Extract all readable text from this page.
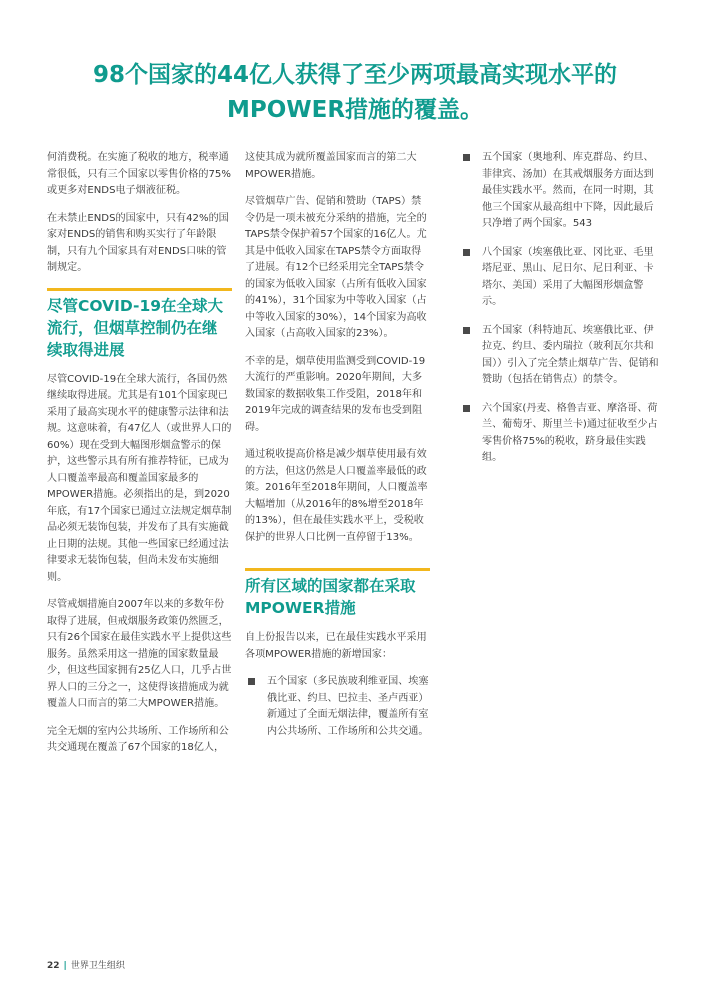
98个国家的44亿人获得了至少两项最高实现水平的
MPOWER措施的覆盖。

何消费税。在实施了税收的地方，税率通常很低，只有三个国家以零售价格的75%或更多对ENDS电子烟液征税。

在未禁止ENDS的国家中，只有42%的国家对ENDS的销售和购买实行了年龄限制，只有九个国家具有对ENDS口味的管制规定。

尽管COVID-19在全球大流行，但烟草控制仍在继续取得进展

尽管COVID-19在全球大流行，各国仍然继续取得进展。尤其是有101个国家现已采用了最高实现水平的健康警示法律和法规。这意味着，有47亿人（或世界人口的60%）现在受到大幅图形烟盒警示的保护，这些警示具有所有推荐特征，已成为人口覆盖率最高和覆盖国家最多的MPOWER措施。必须指出的是，到2020年底，有17个国家已通过立法规定烟草制品必须无装饰包装，并发布了具有实施截止日期的法规。其他一些国家已经通过法律要求无装饰包装，但尚未发布实施细则。

尽管戒烟措施自2007年以来的多数年份取得了进展，但戒烟服务政策仍然匮乏，只有26个国家在最佳实践水平上提供这些服务。虽然采用这一措施的国家数量最少，但这些国家拥有25亿人口，几乎占世界人口的三分之一，这使得该措施成为就覆盖人口而言的第二大MPOWER措施。

完全无烟的室内公共场所、工作场所和公共交通现在覆盖了67个国家的18亿人，

这使其成为就所覆盖国家而言的第二大MPOWER措施。

尽管烟草广告、促销和赞助（TAPS）禁令仍是一项未被充分采纳的措施，完全的TAPS禁令保护着57个国家的16亿人。尤其是中低收入国家在TAPS禁令方面取得了进展。有12个已经采用完全TAPS禁令的国家为低收入国家（占所有低收入国家的41%），31个国家为中等收入国家（占中等收入国家的30%），14个国家为高收入国家（占高收入国家的23%）。

不幸的是，烟草使用监测受到COVID-19大流行的严重影响。2020年期间，大多数国家的数据收集工作受阻，2018年和2019年完成的调查结果的发布也受到阻碍。

通过税收提高价格是减少烟草使用最有效的方法，但这仍然是人口覆盖率最低的政策。2016年至2018年期间，人口覆盖率大幅增加（从2016年的8%增至2018年的13%），但在最佳实践水平上，受税收保护的世界人口比例一直停留于13%。

所有区域的国家都在采取MPOWER措施

自上份报告以来，已在最佳实践水平采用各项MPOWER措施的新增国家：

五个国家（多民族玻利维亚国、埃塞俄比亚、约旦、巴拉圭、圣卢西亚）新通过了全面无烟法律，覆盖所有室内公共场所、工作场所和公共交通。
五个国家（奥地利、库克群岛、约旦、菲律宾、汤加）在其戒烟服务方面达到最佳实践水平。然而，在同一时期，其他三个国家从最高组中下降，因此最后只净增了两个国家。543
八个国家（埃塞俄比亚、冈比亚、毛里塔尼亚、黑山、尼日尔、尼日利亚、卡塔尔、美国）采用了大幅图形烟盒警示。
五个国家（科特迪瓦、埃塞俄比亚、伊拉克、约旦、委内瑞拉（玻利瓦尔共和国））引入了完全禁止烟草广告、促销和赞助（包括在销售点）的禁令。
六个国家(丹麦、格鲁吉亚、摩洛哥、荷兰、葡萄牙、斯里兰卡)通过征收至少占零售价格75%的税收，跻身最佳实践组。
22 | 世界卫生组织
